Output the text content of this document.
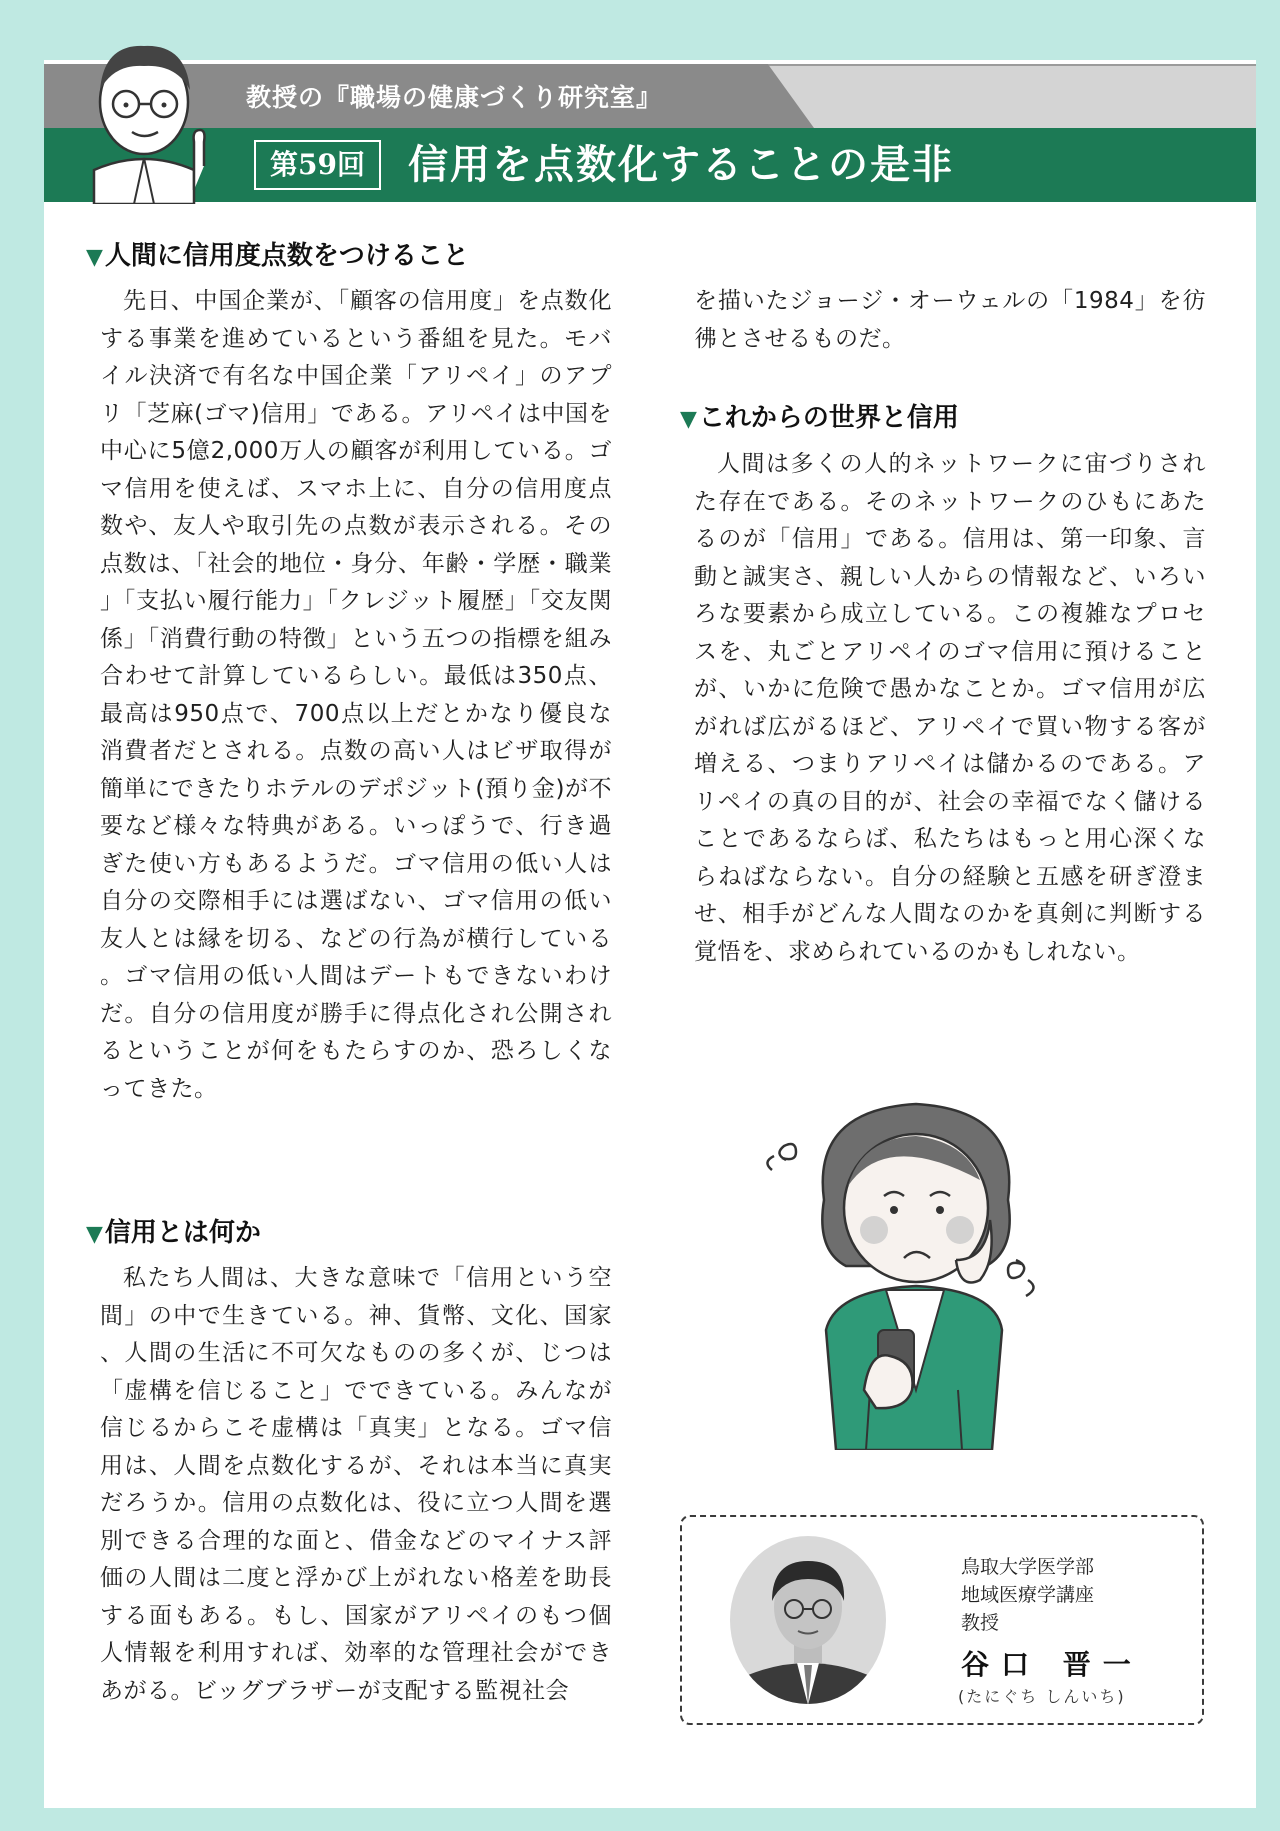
教授の『職場の健康づくり研究室』
第59回	信用を点数化することの是非
▼人間に信用度点数をつけること
先日、中国企業が、「顧客の信用度」を点数化する事業を進めているという番組を見た。モバイル決済で有名な中国企業「アリペイ」のアプリ「芝麻(ゴマ)信用」である。アリペイは中国を中心に5億2,000万人の顧客が利用している。ゴマ信用を使えば、スマホ上に、自分の信用度点数や、友人や取引先の点数が表示される。その点数は、「社会的地位・身分、年齢・学歴・職業」「支払い履行能力」「クレジット履歴」「交友関係」「消費行動の特徴」という五つの指標を組み合わせて計算しているらしい。最低は350点、最高は950点で、700点以上だとかなり優良な消費者だとされる。点数の高い人はビザ取得が簡単にできたりホテルのデポジット(預り金)が不要など様々な特典がある。いっぽうで、行き過ぎた使い方もあるようだ。ゴマ信用の低い人は自分の交際相手には選ばない、ゴマ信用の低い友人とは縁を切る、などの行為が横行している。ゴマ信用の低い人間はデートもできないわけだ。自分の信用度が勝手に得点化され公開されるということが何をもたらすのか、恐ろしくなってきた。
▼信用とは何か
私たち人間は、大きな意味で「信用という空間」の中で生きている。神、貨幣、文化、国家、人間の生活に不可欠なものの多くが、じつは「虚構を信じること」でできている。みんなが信じるからこそ虚構は「真実」となる。ゴマ信用は、人間を点数化するが、それは本当に真実だろうか。信用の点数化は、役に立つ人間を選別できる合理的な面と、借金などのマイナス評価の人間は二度と浮かび上がれない格差を助長する面もある。もし、国家がアリペイのもつ個人情報を利用すれば、効率的な管理社会ができあがる。ビッグブラザーが支配する監視社会
を描いたジョージ・オーウェルの「1984」を彷彿とさせるものだ。
▼これからの世界と信用
人間は多くの人的ネットワークに宙づりされた存在である。そのネットワークのひもにあたるのが「信用」である。信用は、第一印象、言動と誠実さ、親しい人からの情報など、いろいろな要素から成立している。この複雑なプロセスを、丸ごとアリペイのゴマ信用に預けることが、いかに危険で愚かなことか。ゴマ信用が広がれば広がるほど、アリペイで買い物する客が増える、つまりアリペイは儲かるのである。アリペイの真の目的が、社会の幸福でなく儲けることであるならば、私たちはもっと用心深くならねばならない。自分の経験と五感を研ぎ澄ませ、相手がどんな人間なのかを真剣に判断する覚悟を、求められているのかもしれない。
鳥取大学医学部
地域医療学講座
教授
谷口 晋一
(たにぐち しんいち)
